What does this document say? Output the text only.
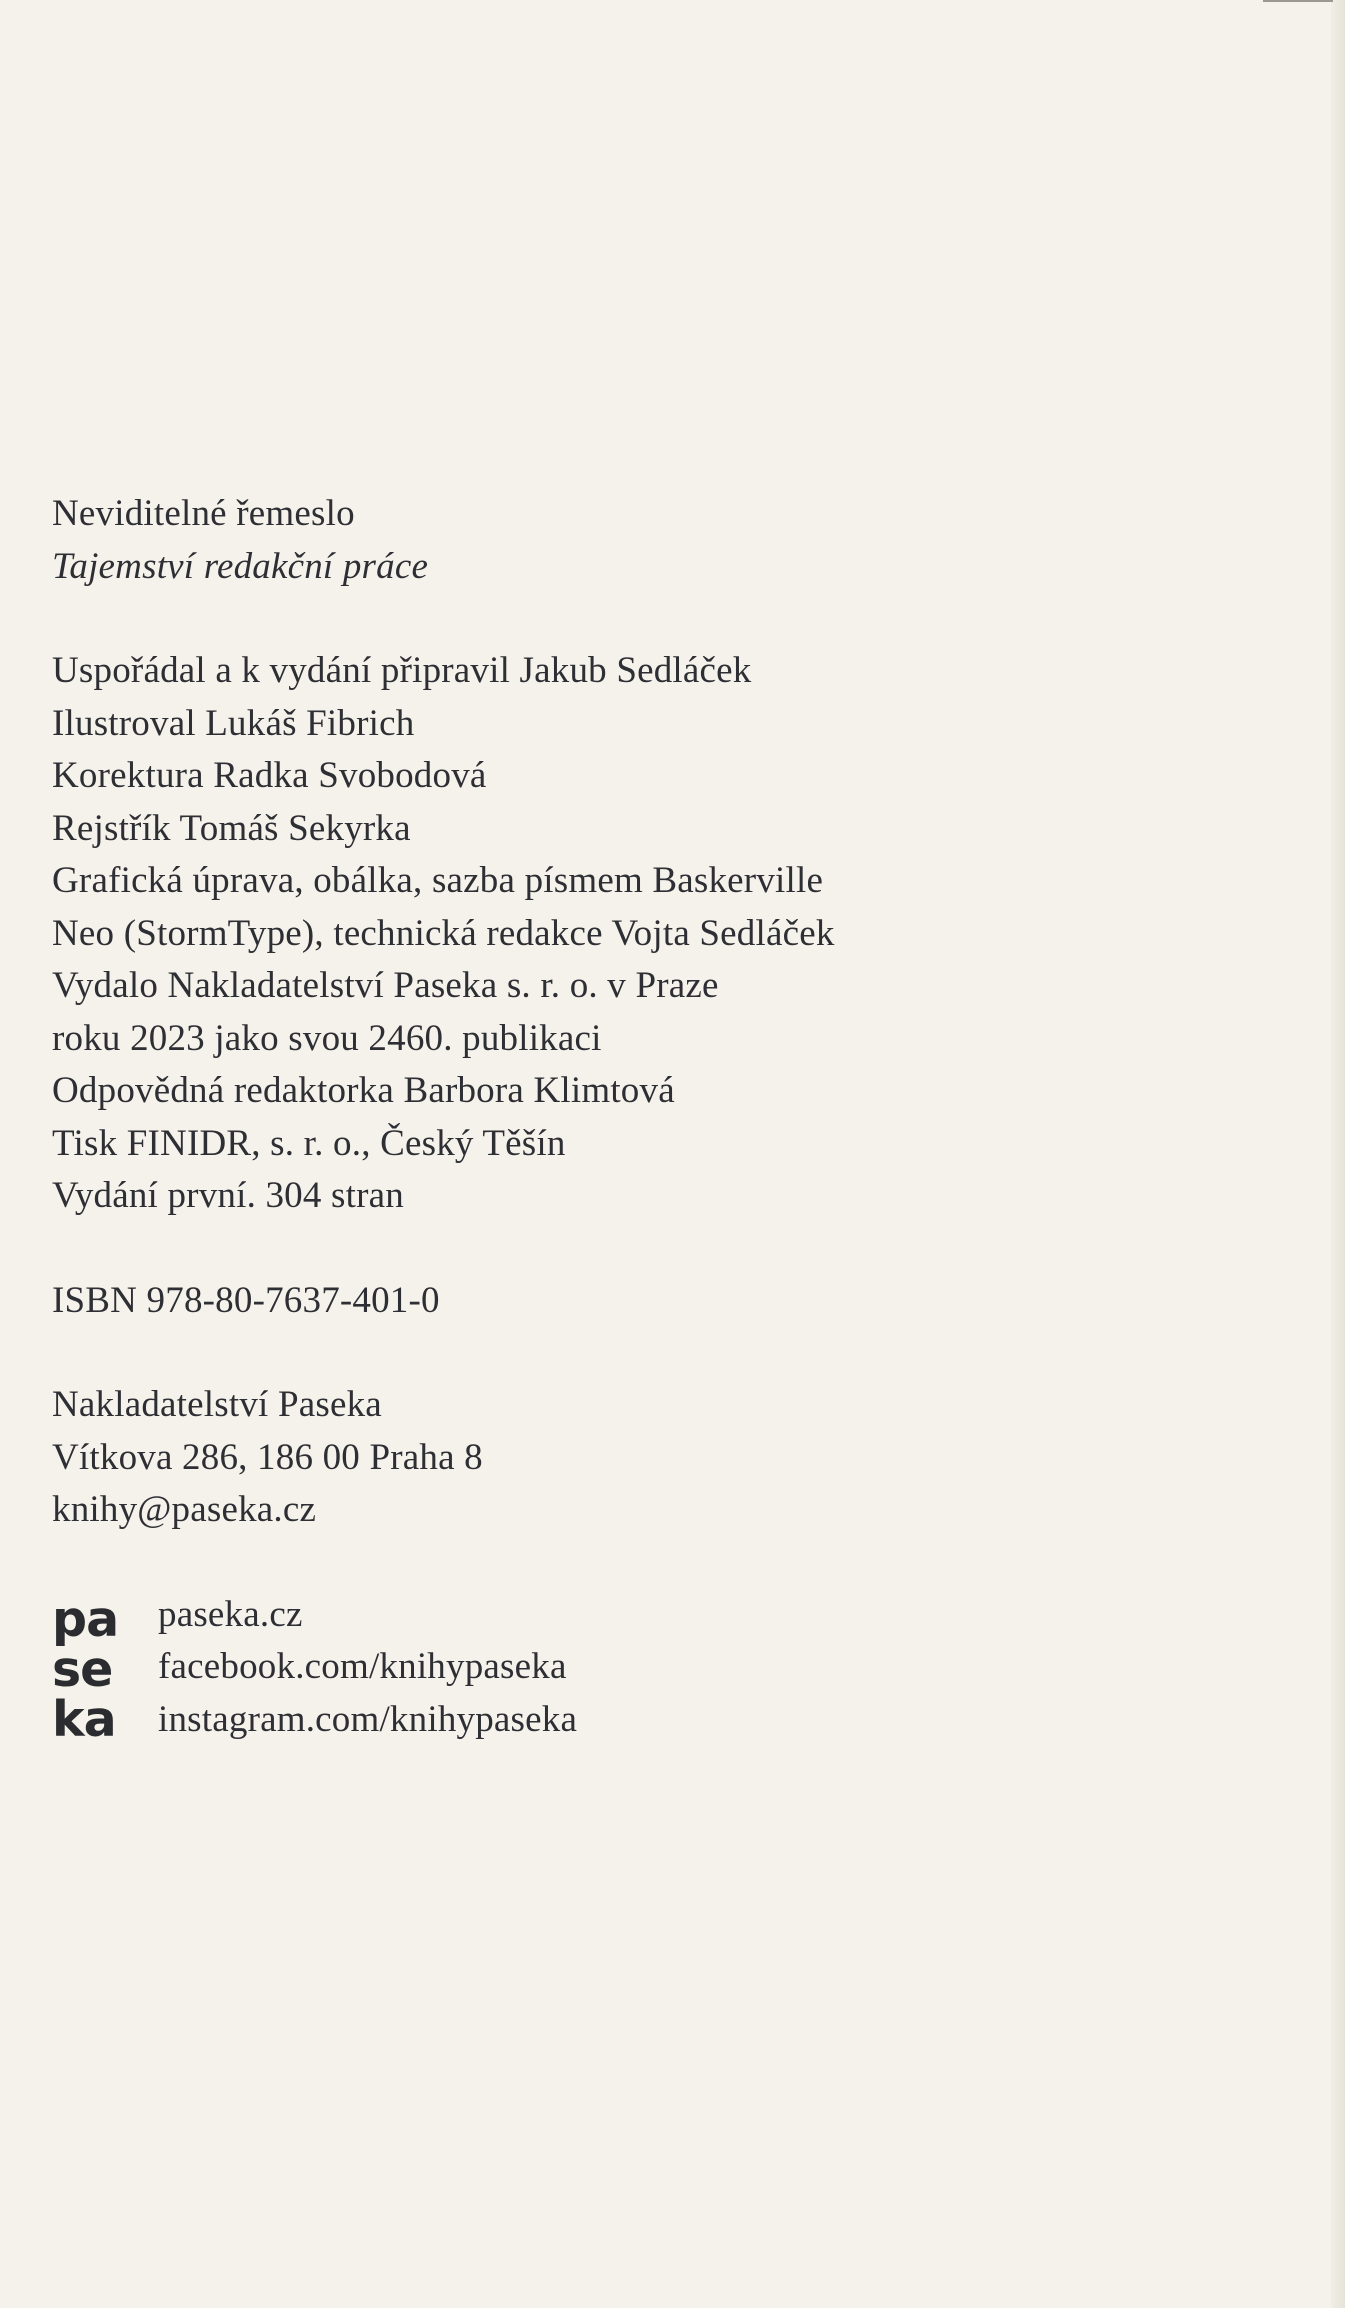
Neviditelné řemeslo
Tajemství redakční práce
Uspořádal a k vydání připravil Jakub Sedláček
Ilustroval Lukáš Fibrich
Korektura Radka Svobodová
Rejstřík Tomáš Sekyrka
Grafická úprava, obálka, sazba písmem Baskerville
Neo (StormType), technická redakce Vojta Sedláček
Vydalo Nakladatelství Paseka s. r. o. v Praze
roku 2023 jako svou 2460. publikaci
Odpovědná redaktorka Barbora Klimtová
Tisk FINIDR, s. r. o., Český Těšín
Vydání první. 304 stran
ISBN 978-80-7637-401-0
Nakladatelství Paseka
Vítkova 286, 186 00 Praha 8
knihy@paseka.cz
pa
se
ka
paseka.cz
facebook.com/knihypaseka
instagram.com/knihypaseka
